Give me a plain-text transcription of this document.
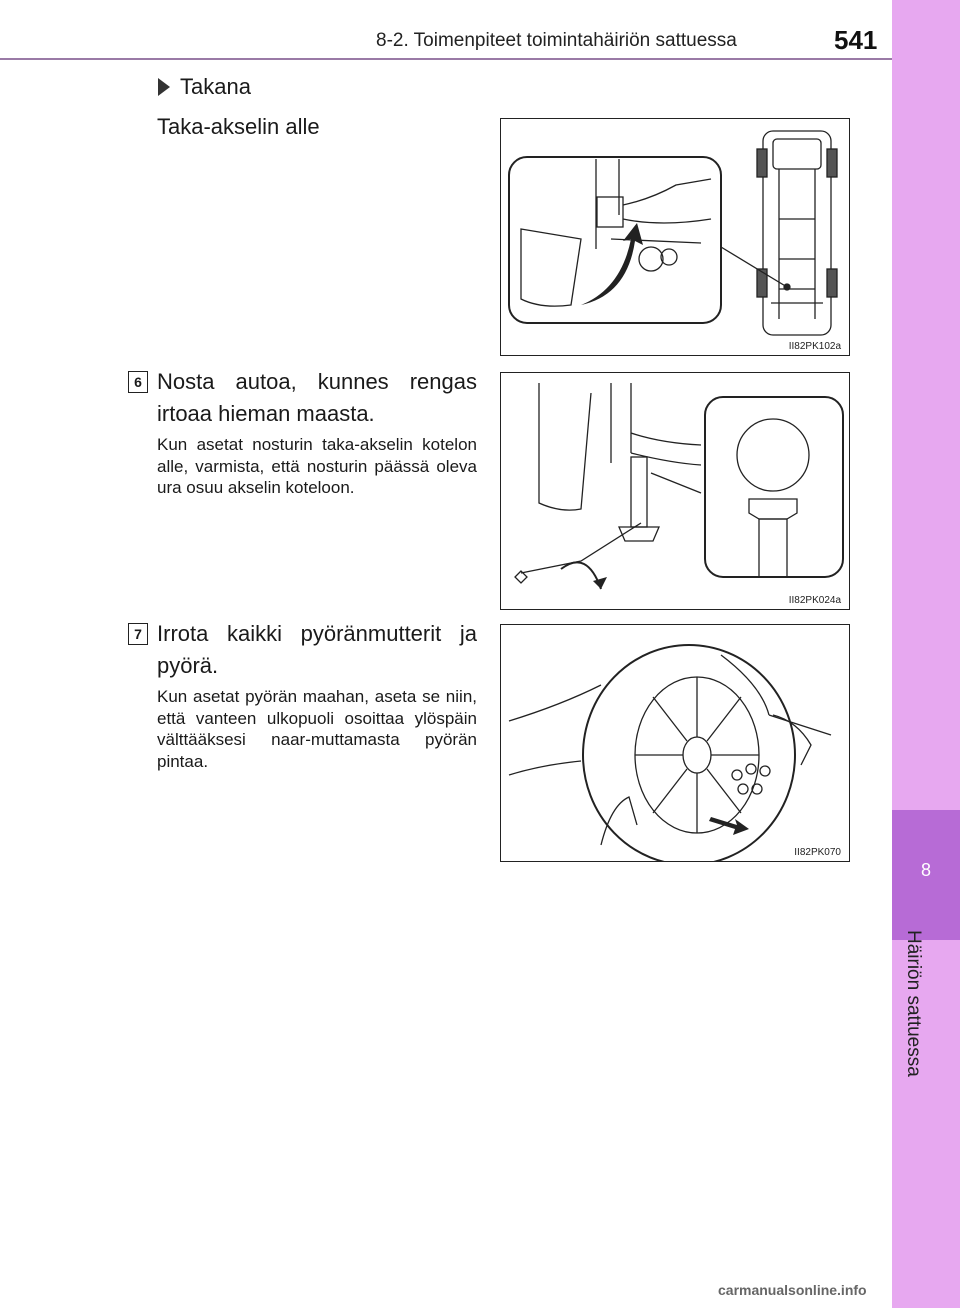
8-2. Toimenpiteet toimintahäiriön sattuessa	541
8
Häiriön sattuessa
Takana
Taka-akselin alle
II82PK102a
6 Nosta autoa, kunnes rengas irtoaa hieman maasta.
Kun asetat nosturin taka-akselin kotelon alle, varmista, että nosturin päässä oleva ura osuu akselin koteloon.
II82PK024a
7 Irrota kaikki pyöränmutterit ja pyörä.
Kun asetat pyörän maahan, aseta se niin, että vanteen ulkopuoli osoittaa ylöspäin välttääksesi naar-muttamasta pyörän pintaa.
II82PK070
carmanualsonline.info
